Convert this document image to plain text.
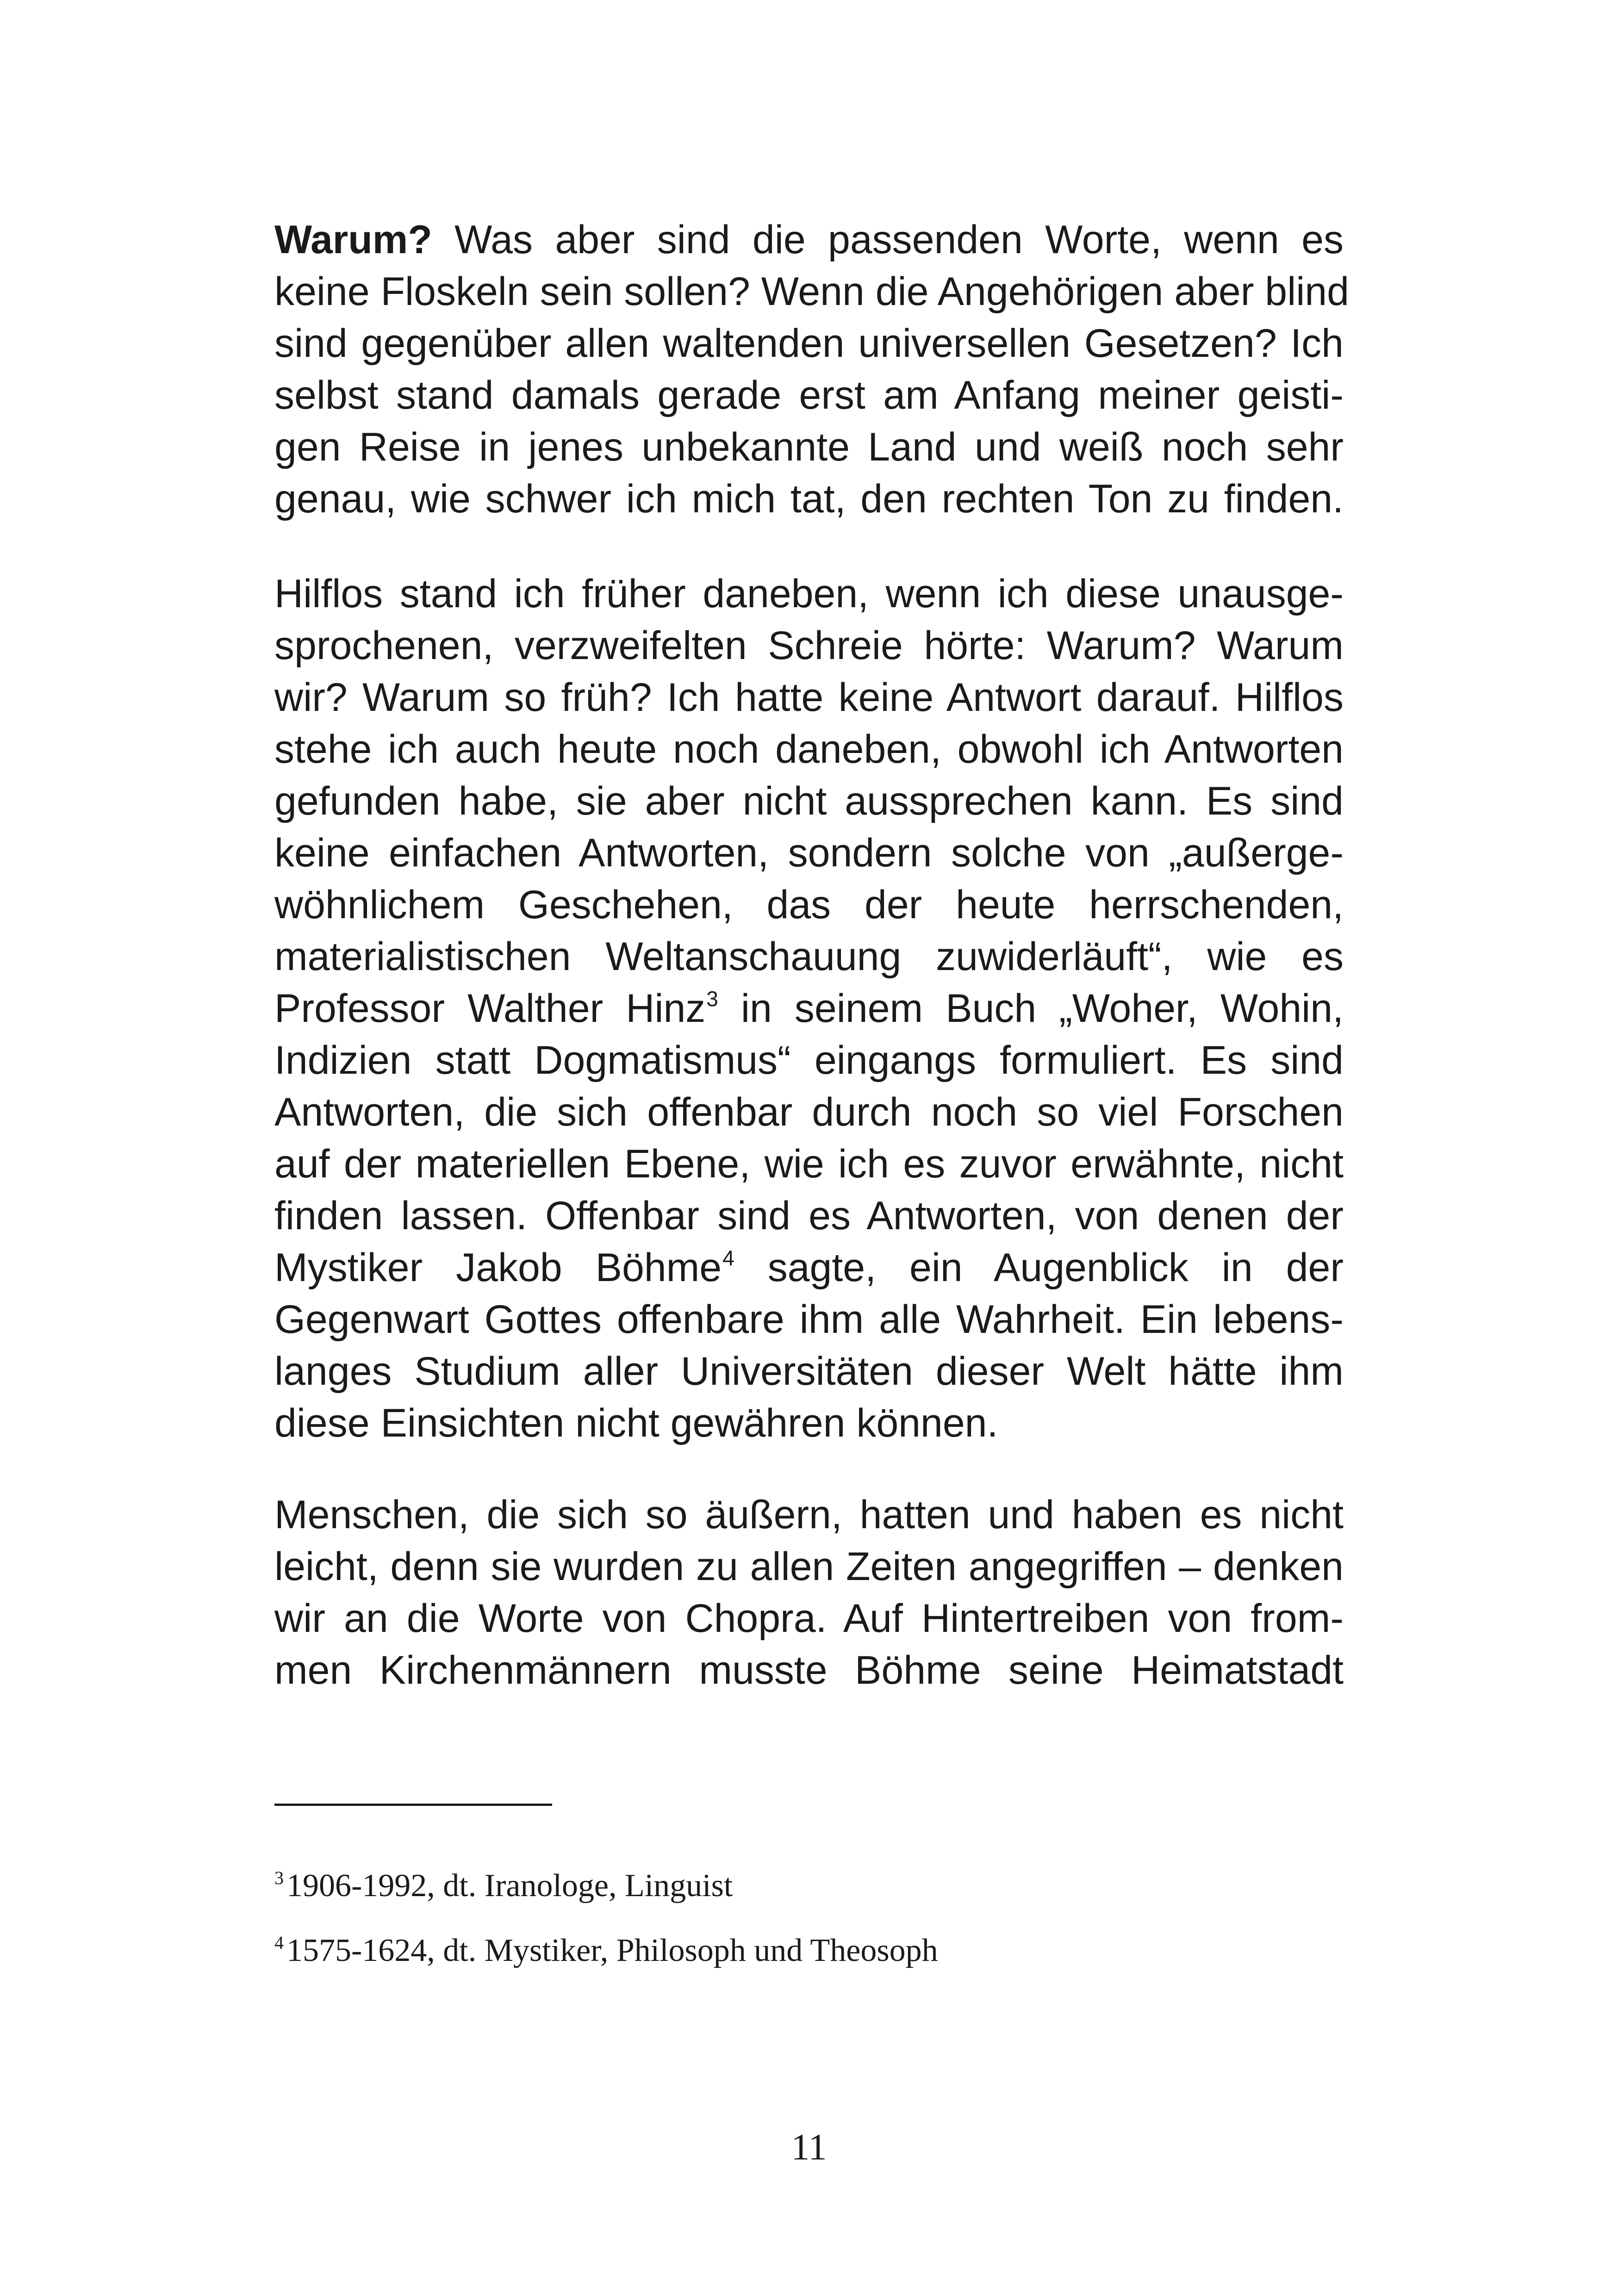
Warum? Was aber sind die passenden Worte, wenn es
keine Floskeln sein sollen? Wenn die Angehörigen aber blind
sind gegenüber allen waltenden universellen Gesetzen? Ich
selbst stand damals gerade erst am Anfang meiner geisti-
gen Reise in jenes unbekannte Land und weiß noch sehr
genau, wie schwer ich mich tat, den rechten Ton zu finden.
Hilflos stand ich früher daneben, wenn ich diese unausge-
sprochenen, verzweifelten Schreie hörte: Warum? Warum
wir? Warum so früh? Ich hatte keine Antwort darauf. Hilflos
stehe ich auch heute noch daneben, obwohl ich Antworten
gefunden habe, sie aber nicht aussprechen kann. Es sind
keine einfachen Antworten, sondern solche von „außerge-
wöhnlichem Geschehen, das der heute herrschenden,
materialistischen Weltanschauung zuwiderläuft“, wie es
Professor Walther Hinz$^3$ in seinem Buch „Woher, Wohin,
Indizien statt Dogmatismus“ eingangs formuliert. Es sind
Antworten, die sich offenbar durch noch so viel Forschen
auf der materiellen Ebene, wie ich es zuvor erwähnte, nicht
finden lassen. Offenbar sind es Antworten, von denen der
Mystiker Jakob Böhme$^4$ sagte, ein Augenblick in der
Gegenwart Gottes offenbare ihm alle Wahrheit. Ein lebens-
langes Studium aller Universitäten dieser Welt hätte ihm
diese Einsichten nicht gewähren können.
Menschen, die sich so äußern, hatten und haben es nicht
leicht, denn sie wurden zu allen Zeiten angegriffen – denken
wir an die Worte von Chopra. Auf Hintertreiben von from-
men Kirchenmännern musste Böhme seine Heimatstadt
$^3$1906-1992, dt. Iranologe, Linguist
$^4$1575-1624, dt. Mystiker, Philosoph und Theosoph
11
